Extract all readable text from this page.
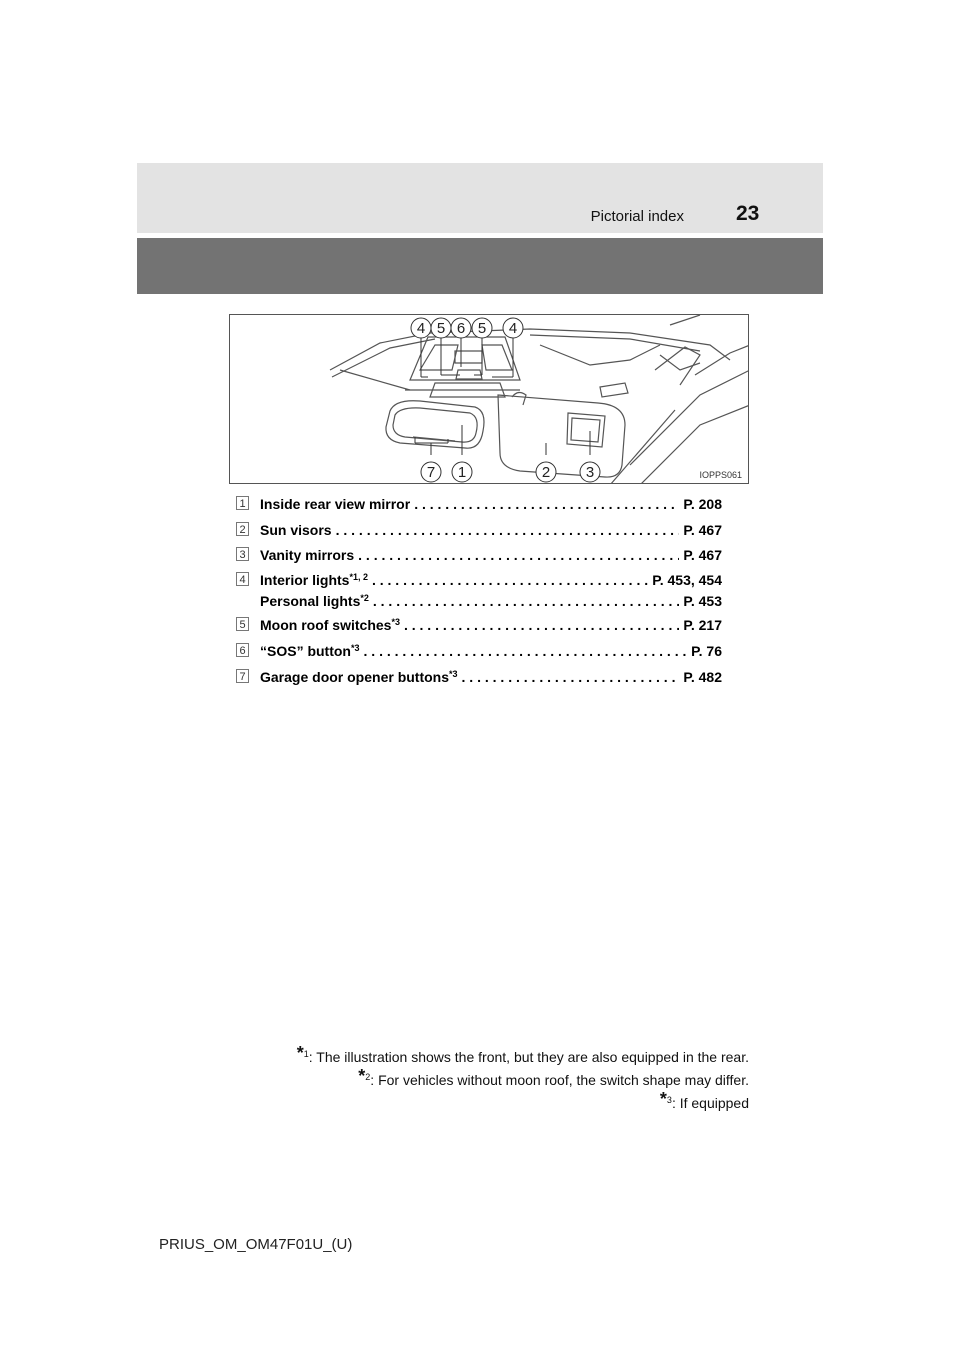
Pictorial index 23
4 5 6 5 4
7 1	2 3	IOPPS061
1 Inside rear view mirror . . .	P. 208
2 Sun visors . . .	P. 467
3 Vanity mirrors . . .	P. 467
4 Interior lights$^{*1, 2}$ . . .	P. 453, 454
Personal lights$^{*2}$ . . .	P. 453
5 Moon roof switches$^{*3}$ . . .	P. 217
6 “SOS” button$^{*3}$ . . .	P. 76
7 Garage door opener buttons$^{*3}$ . . .	P. 482
*$^1$: The illustration shows the front, but they are also equipped in the rear.
*$^2$: For vehicles without moon roof, the switch shape may differ.
*$^3$: If equipped
PRIUS_OM_OM47F01U_(U)
